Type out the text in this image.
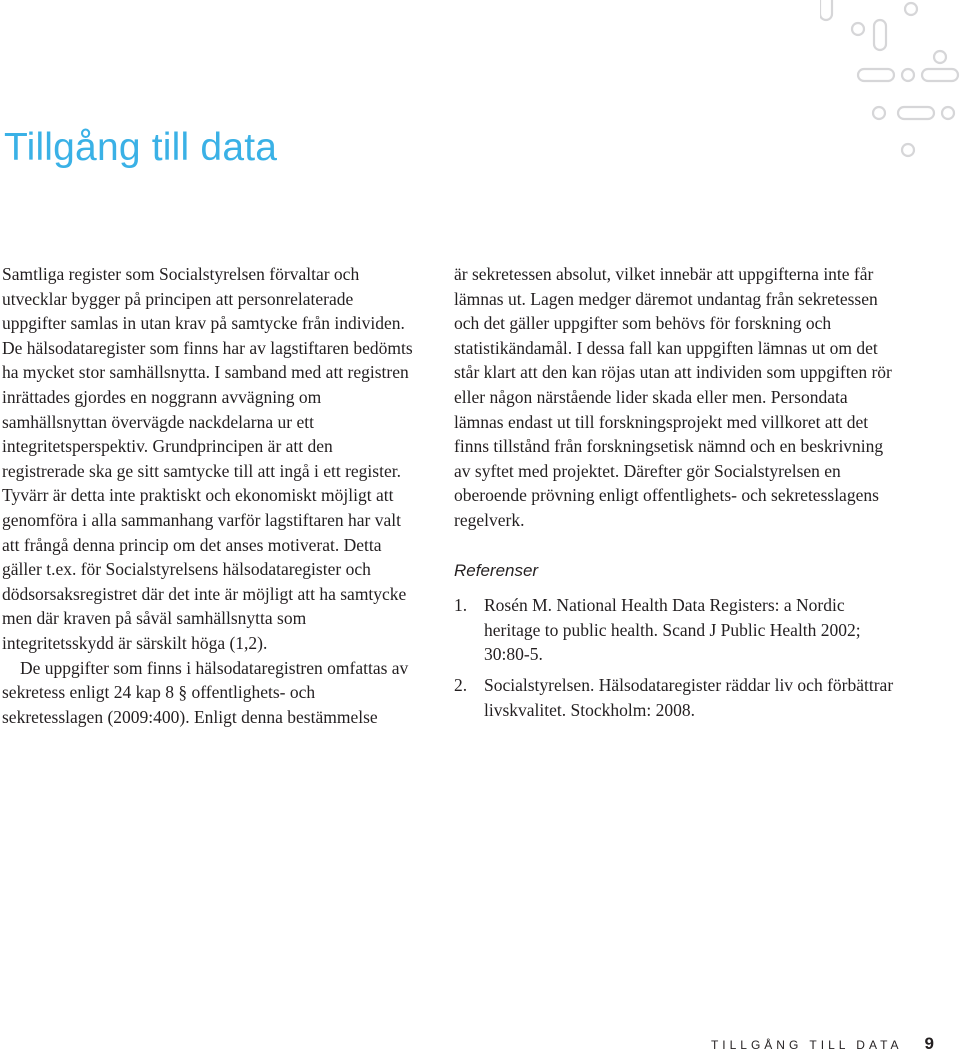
Tillgång till data

Samtliga register som Socialstyrelsen förvaltar och utvecklar bygger på principen att personrelaterade uppgifter samlas in utan krav på samtycke från individen. De hälsodataregister som finns har av lagstiftaren bedömts ha mycket stor samhällsnytta. I samband med att registren inrättades gjordes en noggrann avvägning om samhällsnyttan övervägde nackdelarna ur ett integritetsperspektiv. Grundprincipen är att den registrerade ska ge sitt samtycke till att ingå i ett register. Tyvärr är detta inte praktiskt och ekonomiskt möjligt att genomföra i alla sammanhang varför lagstiftaren har valt att frångå denna princip om det anses motiverat. Detta gäller t.ex. för Socialstyrelsens hälsodataregister och dödsorsaksregistret där det inte är möjligt att ha samtycke men där kraven på såväl samhällsnytta som integritetsskydd är särskilt höga (1,2).

De uppgifter som finns i hälsodataregistren omfattas av sekretess enligt 24 kap 8 § offentlighets- och sekretesslagen (2009:400). Enligt denna bestämmelse

är sekretessen absolut, vilket innebär att uppgifterna inte får lämnas ut. Lagen medger däremot undantag från sekretessen och det gäller uppgifter som behövs för forskning och statistikändamål. I dessa fall kan uppgiften lämnas ut om det står klart att den kan röjas utan att individen som uppgiften rör eller någon närstående lider skada eller men. Persondata lämnas endast ut till forskningsprojekt med villkoret att det finns tillstånd från forskningsetisk nämnd och en beskrivning av syftet med projektet. Därefter gör Socialstyrelsen en oberoende prövning enligt offentlighets- och sekretesslagens regelverk.

Referenser
1. Rosén M. National Health Data Registers: a Nordic heritage to public health. Scand J Public Health 2002; 30:80-5.
2. Socialstyrelsen. Hälsodataregister räddar liv och förbättrar livskvalitet. Stockholm: 2008.
TILLGÅNG TILL DATA 9
